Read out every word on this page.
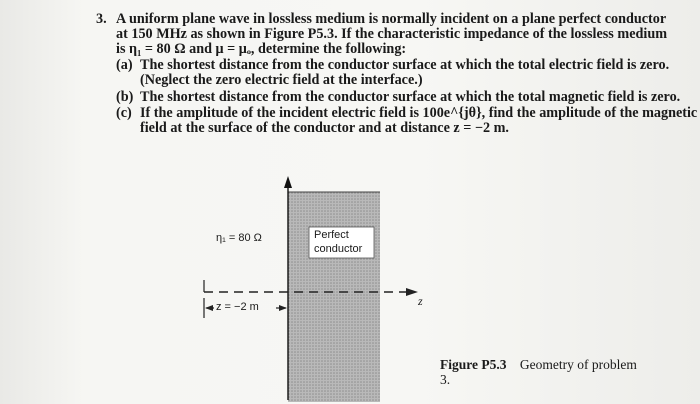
3. A uniform plane wave in lossless medium is normally incident on a plane perfect conductor
at 150 MHz as shown in Figure P5.3. If the characteristic impedance of the lossless medium
is η₁ = 80 Ω and μ = μₒ, determine the following:
(a) The shortest distance from the conductor surface at which the total electric field is zero.
(Neglect the zero electric field at the interface.)
(b) The shortest distance from the conductor surface at which the total magnetic field is zero.
(c) If the amplitude of the incident electric field is 100e^{jθ}, find the amplitude of the magnetic
field at the surface of the conductor and at distance z = −2 m.
η₁ = 80 Ω	Perfect
conductor
z = −2 m	z
Figure P5.3 Geometry of problem
3.
